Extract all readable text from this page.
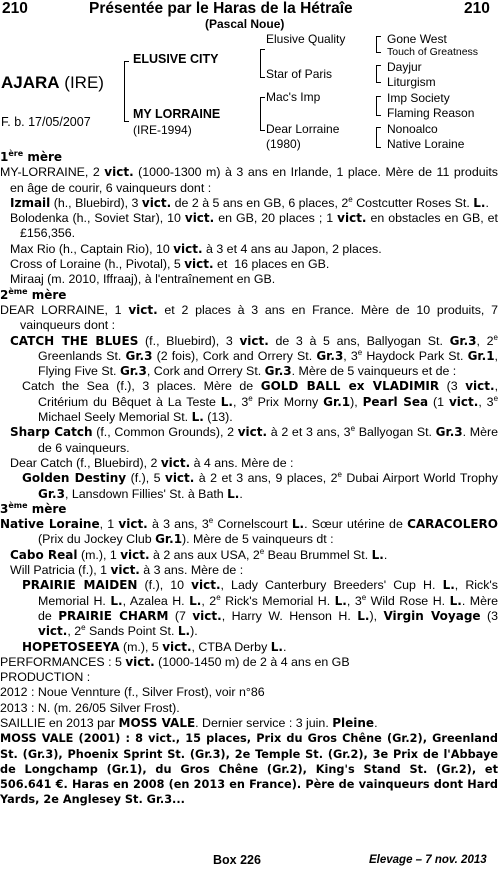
210	Présentée par le Haras de la Hétraîe	210
(Pascal Noue)
AJARA (IRE)
F. b. 17/05/2007
ELUSIVE CITY
MY LORRAINE
(IRE-1994)
Elusive Quality
Star of Paris
Mac's Imp
Dear Lorraine
(1980)
Gone West
Touch of Greatness
Dayjur
Liturgism
Imp Society
Flaming Reason
Nonoalco
Native Loraine

1ère mère

MY-LORRAINE, 2 vict. (1000-1300 m) à 3 ans en Irlande, 1 place. Mère de 11 produits en âge de courir, 6 vainqueurs dont :

Izmail (h., Bluebird), 3 vict. de 2 à 5 ans en GB, 6 places, 2e Costcutter Roses St. L..

Bolodenka (h., Soviet Star), 10 vict. en GB, 20 places ; 1 vict. en obstacles en GB, et £156,356.

Max Rio (h., Captain Rio), 10 vict. à 3 et 4 ans au Japon, 2 places.

Cross of Loraine (h., Pivotal), 5 vict. et  16 places en GB.

Miraaj (m. 2010, Iffraaj), à l'entraînement en GB.

2ème mère

DEAR LORRAINE, 1 vict. et 2 places à 3 ans en France. Mère de 10 produits, 7 vainqueurs dont :

CATCH THE BLUES (f., Bluebird), 3 vict. de 3 à 5 ans, Ballyogan St. Gr.3, 2e Greenlands St. Gr.3 (2 fois), Cork and Orrery St. Gr.3, 3e Haydock Park St. Gr.1, Flying Five St. Gr.3, Cork and Orrery St. Gr.3. Mère de 5 vainqueurs et de :

Catch the Sea (f.), 3 places. Mère de GOLD BALL ex VLADIMIR (3 vict., Critérium du Bêquet à La Teste L., 3e Prix Morny Gr.1), Pearl Sea (1 vict., 3e Michael Seely Memorial St. L. (13).

Sharp Catch (f., Common Grounds), 2 vict. à 2 et 3 ans, 3e Ballyogan St. Gr.3. Mère de 6 vainqueurs.

Dear Catch (f., Bluebird), 2 vict. à 4 ans. Mère de :

Golden Destiny (f.), 5 vict. à 2 et 3 ans, 9 places, 2e Dubai Airport World Trophy Gr.3, Lansdown Fillies' St. à Bath L..

3ème mère

Native Loraine, 1 vict. à 3 ans, 3e Cornelscourt L.. Sœur utérine de CARACOLERO (Prix du Jockey Club Gr.1). Mère de 5 vainqueurs dt :

Cabo Real (m.), 1 vict. à 2 ans aux USA, 2e Beau Brummel St. L..

Will Patricia (f.), 1 vict. à 3 ans. Mère de :

PRAIRIE MAIDEN (f.), 10 vict., Lady Canterbury Breeders' Cup H. L., Rick's Memorial H. L., Azalea H. L., 2e Rick's Memorial H. L., 3e Wild Rose H. L.. Mère de PRAIRIE CHARM (7 vict., Harry W. Henson H. L.), Virgin Voyage (3 vict., 2e Sands Point St. L.).

HOPETOSEEYA (m.), 5 vict., CTBA Derby L..

PERFORMANCES : 5 vict. (1000-1450 m) de 2 à 4 ans en GB

PRODUCTION :

2012 : Noue Vennture (f., Silver Frost), voir n°86

2013 : N. (m. 26/05 Silver Frost).

SAILLIE en 2013 par MOSS VALE. Dernier service : 3 juin. Pleine.

MOSS VALE (2001) : 8 vict., 15 places, Prix du Gros Chêne (Gr.2), Greenland St. (Gr.3), Phoenix Sprint St. (Gr.3), 2e Temple St. (Gr.2), 3e Prix de l'Abbaye de Longchamp (Gr.1), du Gros Chêne (Gr.2), King's Stand St. (Gr.2), et 506.641 €. Haras en 2008 (en 2013 en France). Père de vainqueurs dont Hard Yards, 2e Anglesey St. Gr.3...

Box 226	Elevage – 7 nov. 2013
